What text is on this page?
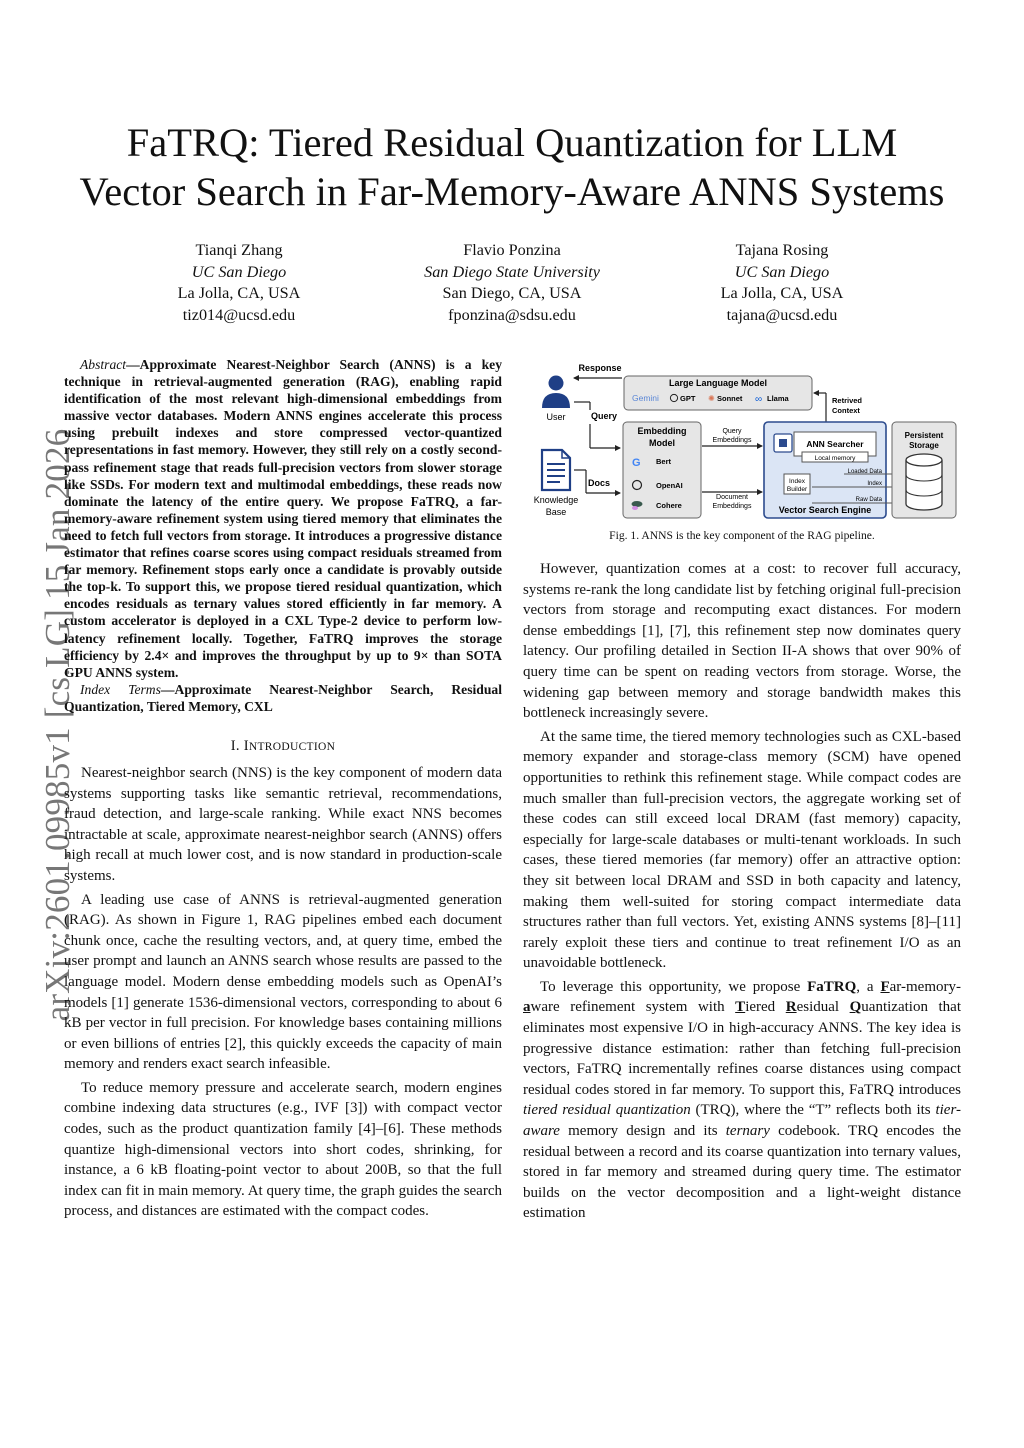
arXiv:2601.09985v1 [cs.LG] 15 Jan 2026
FaTRQ: Tiered Residual Quantization for LLM
Vector Search in Far-Memory-Aware ANNS Systems
Tianqi Zhang
UC San Diego
La Jolla, CA, USA
tiz014@ucsd.edu
Flavio Ponzina
San Diego State University
San Diego, CA, USA
fponzina@sdsu.edu
Tajana Rosing
UC San Diego
La Jolla, CA, USA
tajana@ucsd.edu

Abstract—Approximate Nearest-Neighbor Search (ANNS) is a key technique in retrieval-augmented generation (RAG), enabling rapid identification of the most relevant high-dimensional embeddings from massive vector databases. Modern ANNS engines accelerate this process using prebuilt indexes and store compressed vector-quantized representations in fast memory. However, they still rely on a costly second-pass refinement stage that reads full-precision vectors from slower storage like SSDs. For modern text and multimodal embeddings, these reads now dominate the latency of the entire query. We propose FaTRQ, a far-memory-aware refinement system using tiered memory that eliminates the need to fetch full vectors from storage. It introduces a progressive distance estimator that refines coarse scores using compact residuals streamed from far memory. Refinement stops early once a candidate is provably outside the top-k. To support this, we propose tiered residual quantization, which encodes residuals as ternary values stored efficiently in far memory. A custom accelerator is deployed in a CXL Type-2 device to perform low-latency refinement locally. Together, FaTRQ improves the storage efficiency by 2.4× and improves the throughput by up to 9× than SOTA GPU ANNS system.

Index Terms—Approximate Nearest-Neighbor Search, Residual Quantization, Tiered Memory, CXL

I. INTRODUCTION

Nearest-neighbor search (NNS) is the key component of modern data systems supporting tasks like semantic retrieval, recommendations, fraud detection, and large-scale ranking. While exact NNS becomes intractable at scale, approximate nearest-neighbor search (ANNS) offers high recall at much lower cost, and is now standard in production-scale systems.

A leading use case of ANNS is retrieval-augmented generation (RAG). As shown in Figure 1, RAG pipelines embed each document chunk once, cache the resulting vectors, and, at query time, embed the user prompt and launch an ANNS search whose results are passed to the language model. Modern dense embedding models such as OpenAI’s models [1] generate 1536-dimensional vectors, corresponding to about 6 kB per vector in full precision. For knowledge bases containing millions or even billions of entries [2], this quickly exceeds the capacity of main memory and renders exact search infeasible.

To reduce memory pressure and accelerate search, modern engines combine indexing data structures (e.g., IVF [3]) with compact vector codes, such as the product quantization family [4]–[6]. These methods quantize high-dimensional vectors into short codes, shrinking, for instance, a 6 kB floating-point vector to about 200B, so that the full index can fit in main memory. At query time, the graph guides the search process, and distances are estimated with the compact codes.

User
Response
Query
Large Language Model
Gemini	GPT ✺ Sonnet ∞ Llama	Retrived
Context
Knowledge
Base
Docs
Embedding
Model
G Bert
OpenAI
Cohere
Query
Embeddings
Document
Embeddings
ANN Searcher
Local memory
Index
Builder
Loaded Data
Index
Raw Data
Vector Search Engine
Persistent
Storage
Fig. 1. ANNS is the key component of the RAG pipeline.

However, quantization comes at a cost: to recover full accuracy, systems re-rank the long candidate list by fetching original full-precision vectors from storage and recomputing exact distances. For modern dense embeddings [1], [7], this refinement step now dominates query latency. Our profiling detailed in Section II-A shows that over 90% of query time can be spent on reading vectors from storage. Worse, the widening gap between memory and storage bandwidth makes this bottleneck increasingly severe.

At the same time, the tiered memory technologies such as CXL-based memory expander and storage-class memory (SCM) have opened opportunities to rethink this refinement stage. While compact codes are much smaller than full-precision vectors, the aggregate working set of these codes can still exceed local DRAM (fast memory) capacity, especially for large-scale databases or multi-tenant workloads. In such cases, these tiered memories (far memory) offer an attractive option: they sit between local DRAM and SSD in both capacity and latency, making them well-suited for storing compact intermediate data structures rather than full vectors. Yet, existing ANNS systems [8]–[11] rarely exploit these tiers and continue to treat refinement I/O as an unavoidable bottleneck.

To leverage this opportunity, we propose FaTRQ, a Far-memory-aware refinement system with Tiered Residual Quantization that eliminates most expensive I/O in high-accuracy ANNS. The key idea is progressive distance estimation: rather than fetching full-precision vectors, FaTRQ incrementally refines coarse distances using compact residual codes stored in far memory. To support this, FaTRQ introduces tiered residual quantization (TRQ), where the “T” reflects both its tier-aware memory design and its ternary codebook. TRQ encodes the residual between a record and its coarse quantization into ternary values, stored in far memory and streamed during query time. The estimator builds on the vector decomposition and a light-weight distance estimation
